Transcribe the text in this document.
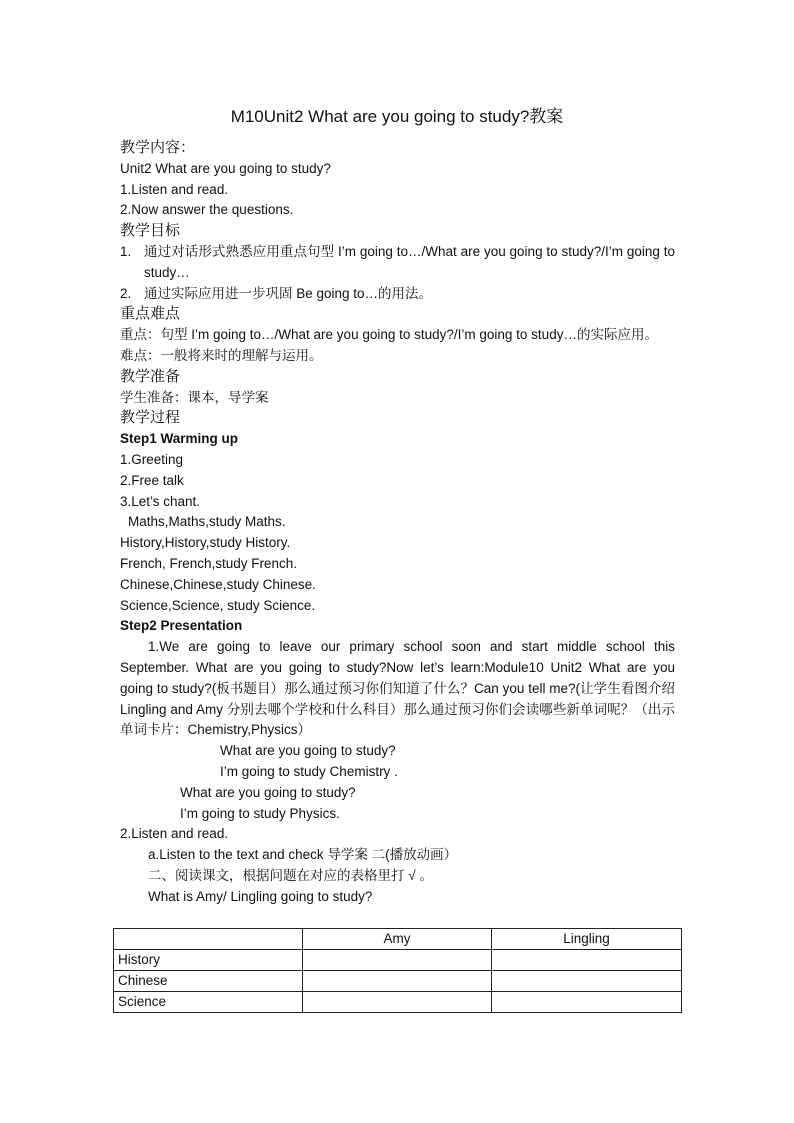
M10Unit2 What are you going to study?教案

教学内容：

Unit2 What are you going to study?

1.Listen and read.

2.Now answer the questions.

教学目标

1. 通过对话形式熟悉应用重点句型 I’m going to…/What are you going to study?/I’m going to study…
2. 通过实际应用进一步巩固 Be going to…的用法。

重点难点

重点：句型 I’m going to…/What are you going to study?/I’m going to study…的实际应用。

难点：一般将来时的理解与运用。

教学准备

学生准备：课本，导学案

教学过程

Step1 Warming up

1.Greeting

2.Free talk

3.Let’s chant.

Maths,Maths,study Maths.

History,History,study History.

French, French,study French.

Chinese,Chinese,study Chinese.

Science,Science, study Science.

Step2 Presentation

1.We are going to leave our primary school soon and start middle school this September. What are you going to study?Now let’s learn:Module10 Unit2 What are you going to study?(板书题目）那么通过预习你们知道了什么？Can you tell me?(让学生看图介绍 Lingling and Amy 分别去哪个学校和什么科目）那么通过预习你们会读哪些新单词呢？（出示单词卡片：Chemistry,Physics）

What are you going to study?

I’m going to study Chemistry .

What are you going to study?

I’m going to study Physics.

2.Listen and read.

a.Listen to the text and check 导学案 二(播放动画）

二、阅读课文，根据问题在对应的表格里打 √ 。

What is Amy/ Lingling going to study?

	Amy	Lingling
History		
Chinese		
Science		
